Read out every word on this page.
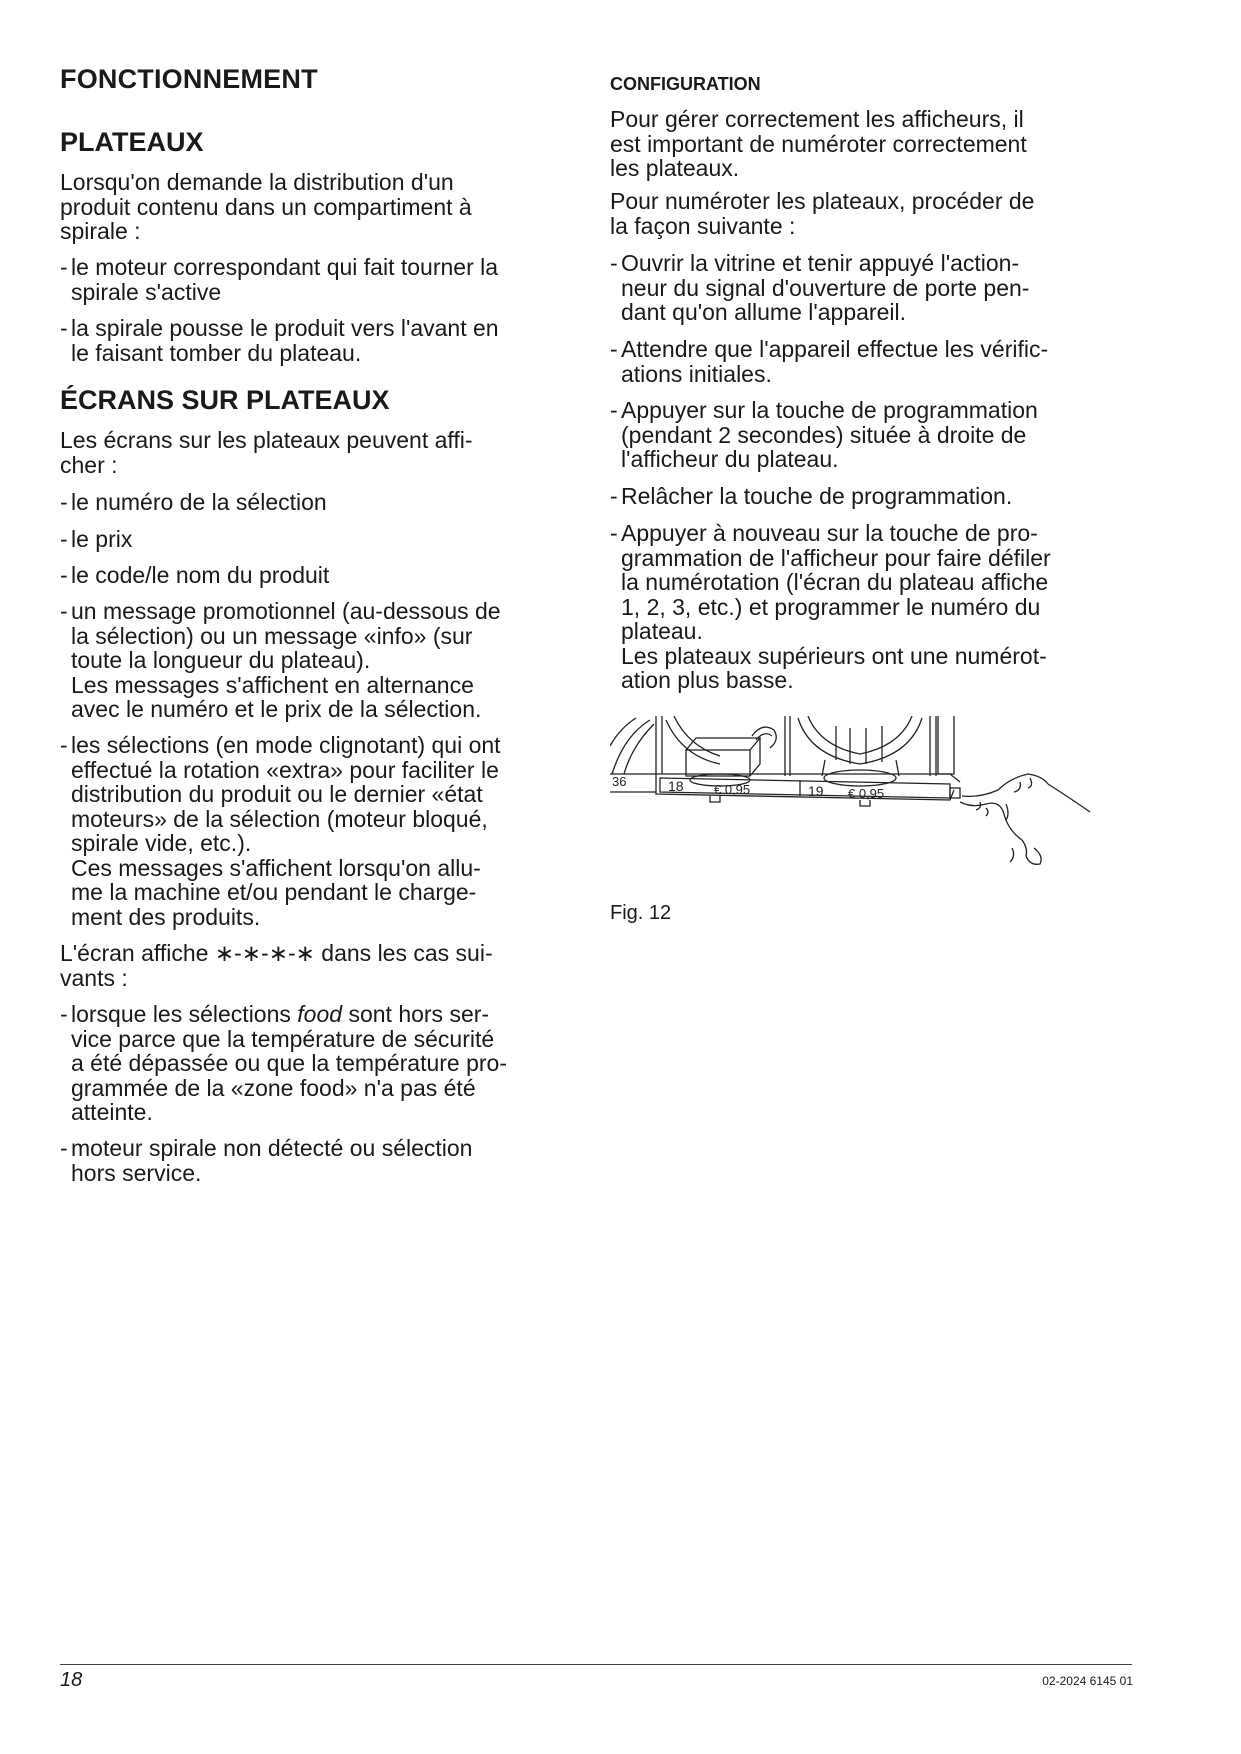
FONCTIONNEMENT
PLATEAUX
Lorsqu'on demande la distribution d'un
produit contenu dans un compartiment à
spirale :
- le moteur correspondant qui fait tourner la
spirale s'active
- la spirale pousse le produit vers l'avant en
le faisant tomber du plateau.
ÉCRANS SUR PLATEAUX
Les écrans sur les plateaux peuvent affi-
cher :
- le numéro de la sélection
- le prix
- le code/le nom du produit
- un message promotionnel (au-dessous de
la sélection) ou un message «info» (sur
toute la longueur du plateau).
Les messages s'affichent en alternance
avec le numéro et le prix de la sélection.
- les sélections (en mode clignotant) qui ont
effectué la rotation «extra» pour faciliter le
distribution du produit ou le dernier «état
moteurs» de la sélection (moteur bloqué,
spirale vide, etc.).
Ces messages s'affichent lorsqu'on allu-
me la machine et/ou pendant le charge-
ment des produits.
L'écran affiche ∗-∗-∗-∗ dans les cas sui-
vants :
- lorsque les sélections food sont hors ser-
vice parce que la température de sécurité
a été dépassée ou que la température pro-
grammée de la «zone food» n'a pas été
atteinte.
- moteur spirale non détecté ou sélection
hors service.
CONFIGURATION
Pour gérer correctement les afficheurs, il
est important de numéroter correctement
les plateaux.
Pour numéroter les plateaux, procéder de
la façon suivante :
- Ouvrir la vitrine et tenir appuyé l'action-
neur du signal d'ouverture de porte pen-
dant qu'on allume l'appareil.
- Attendre que l'appareil effectue les vérific-
ations initiales.
- Appuyer sur la touche de programmation
(pendant 2 secondes) située à droite de
l'afficheur du plateau.
- Relâcher la touche de programmation.
- Appuyer à nouveau sur la touche de pro-
grammation de l'afficheur pour faire défiler
la numérotation (l'écran du plateau affiche
1, 2, 3, etc.) et programmer le numéro du
plateau.
Les plateaux supérieurs ont une numérot-
ation plus basse.
36	18 € 0,95	19 € 0,95
Fig. 12
18	02-2024 6145 01
